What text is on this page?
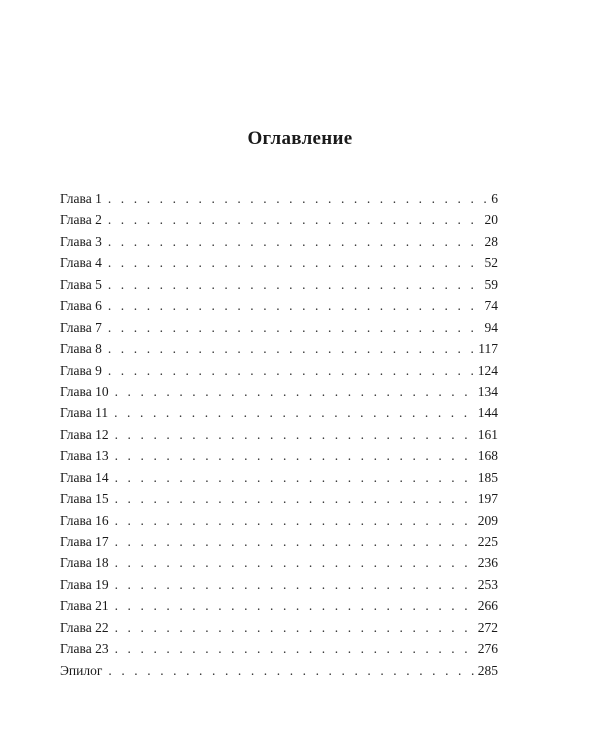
Оглавление
Глава 1 . . .	6
Глава 2 . . .	20
Глава 3 . . .	28
Глава 4 . . .	52
Глава 5 . . .	59
Глава 6 . . .	74
Глава 7 . . .	94
Глава 8 . . .	117
Глава 9 . . .	124
Глава 10 . . .	134
Глава 11 . . .	144
Глава 12 . . .	161
Глава 13 . . .	168
Глава 14 . . .	185
Глава 15 . . .	197
Глава 16 . . .	209
Глава 17 . . .	225
Глава 18 . . .	236
Глава 19 . . .	253
Глава 21 . . .	266
Глава 22 . . .	272
Глава 23 . . .	276
Эпилог . . .	285
